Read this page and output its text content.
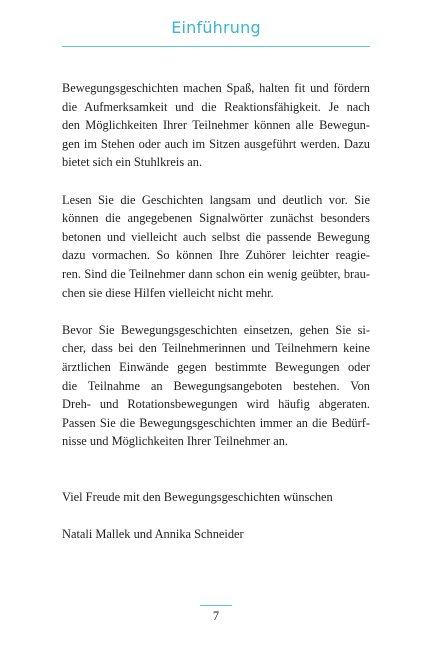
Einführung

Bewegungsgeschichten machen Spaß, halten fit und fördern
die Aufmerksamkeit und die Reaktionsfähigkeit. Je nach
den Möglichkeiten Ihrer Teilnehmer können alle Bewegun-
gen im Stehen oder auch im Sitzen ausgeführt werden. Dazu
bietet sich ein Stuhlkreis an.

Lesen Sie die Geschichten langsam und deutlich vor. Sie
können die angegebenen Signalwörter zunächst besonders
betonen und vielleicht auch selbst die passende Bewegung
dazu vormachen. So können Ihre Zuhörer leichter reagie-
ren. Sind die Teilnehmer dann schon ein wenig geübter, brau-
chen sie diese Hilfen vielleicht nicht mehr.

Bevor Sie Bewegungsgeschichten einsetzen, gehen Sie si-
cher, dass bei den Teilnehmerinnen und Teilnehmern keine
ärztlichen Einwände gegen bestimmte Bewegungen oder
die Teilnahme an Bewegungsangeboten bestehen. Von
Dreh- und Rotationsbewegungen wird häufig abgeraten.
Passen Sie die Bewegungsgeschichten immer an die Bedürf-
nisse und Möglichkeiten Ihrer Teilnehmer an.

Viel Freude mit den Bewegungsgeschichten wünschen

Natali Mallek und Annika Schneider

7
